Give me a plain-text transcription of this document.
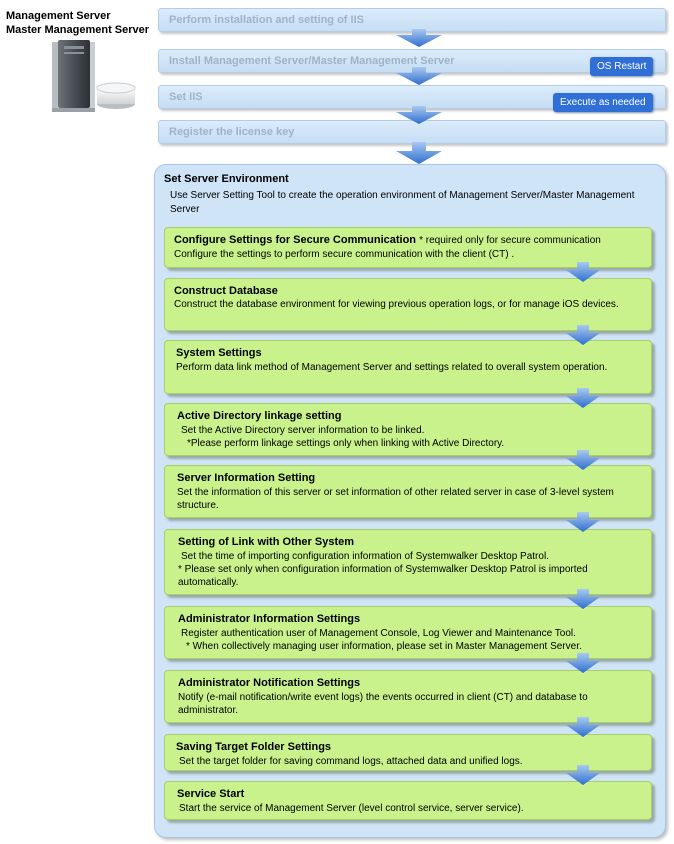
Management Server
Master Management Server
Perform installation and setting of IIS
Install Management Server/Master Management Server	OS Restart
Set IIS	Execute as needed
Register the license key
Set Server Environment
Use Server Setting Tool to create the operation environment of Management Server/Master Management Server
Configure Settings for Secure Communication * required only for secure communication
Configure the settings to perform secure communication with the client (CT) .
Construct Database
Construct the database environment for viewing previous operation logs, or for manage iOS devices.
System Settings
Perform data link method of Management Server and settings related to overall system operation.
Active Directory linkage setting
Set the Active Directory server information to be linked.
*Please perform linkage settings only when linking with Active Directory.
Server Information Setting
Set the information of this server or set information of other related server in case of 3-level system structure.
Setting of Link with Other System
Set the time of importing configuration information of Systemwalker Desktop Patrol.
* Please set only when configuration information of Systemwalker Desktop Patrol is imported automatically.
Administrator Information Settings
Register authentication user of Management Console, Log Viewer and Maintenance Tool.
* When collectively managing user information, please set in Master Management Server.
Administrator Notification Settings
Notify (e-mail notification/write event logs) the events occurred in client (CT) and database to administrator.
Saving Target Folder Settings
Set the target folder for saving command logs, attached data and unified logs.
Service Start
Start the service of Management Server (level control service, server service).
